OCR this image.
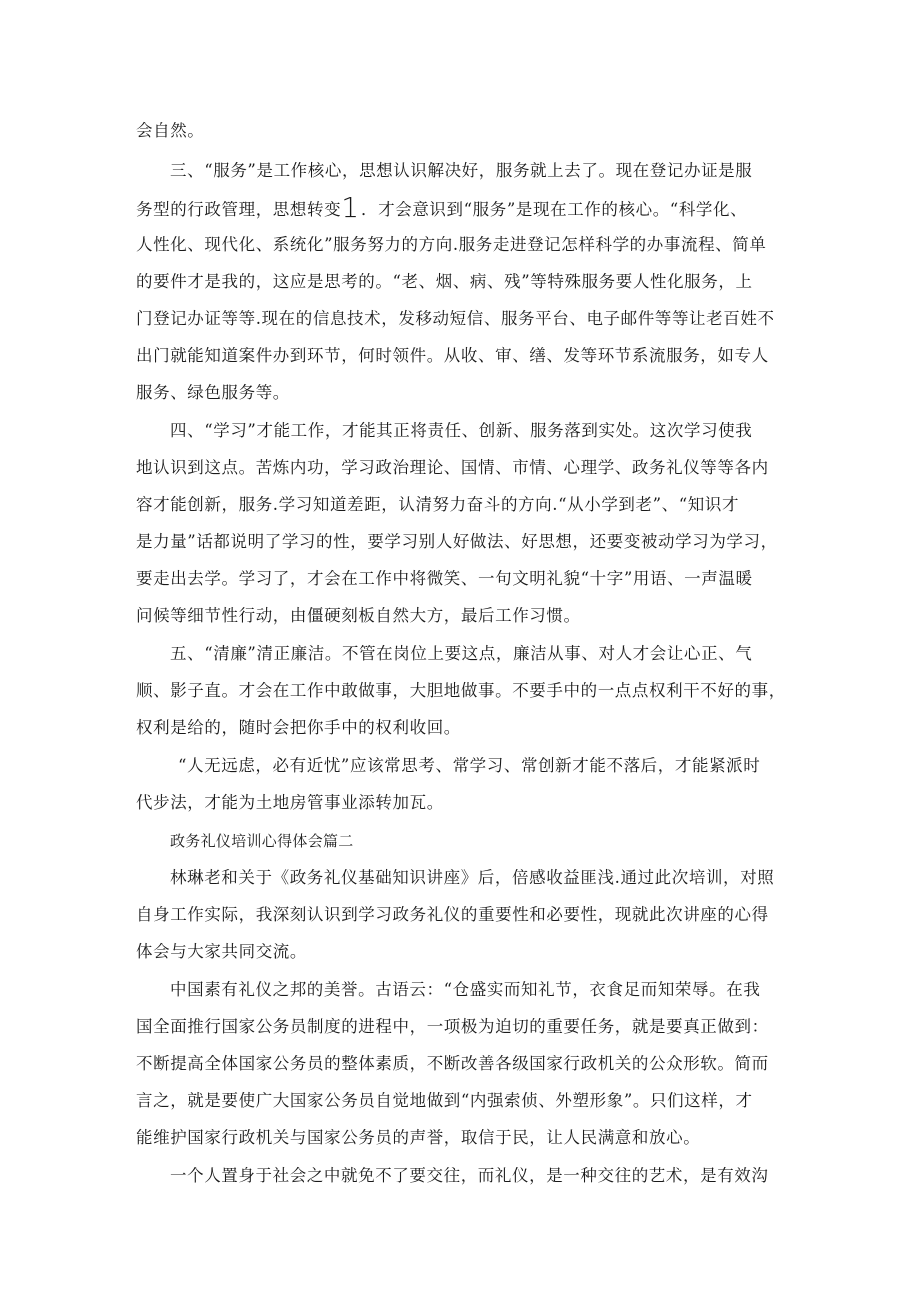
会自然。
三、“服务”是工作核心，思想认识解决好，服务就上去了。现在登记办证是服
务型的行政管理，思想转变1．才会意识到“服务”是现在工作的核心。“科学化、
人性化、现代化、系统化”服务努力的方向.服务走进登记怎样科学的办事流程、简单
的要件才是我的，这应是思考的。“老、烟、病、残”等特殊服务要人性化服务，上
门登记办证等等.现在的信息技术，发移动短信、服务平台、电子邮件等等让老百姓不
出门就能知道案件办到环节，何时领件。从收、审、缮、发等环节系流服务，如专人
服务、绿色服务等。
四、“学习”才能工作，才能其正将责任、创新、服务落到实处。这次学习使我
地认识到这点。苦炼内功，学习政治理论、国情、市情、心理学、政务礼仪等等各内
容才能创新，服务.学习知道差距，认清努力奋斗的方向.“从小学到老”、“知识才
是力量”话都说明了学习的性，要学习别人好做法、好思想，还要变被动学习为学习，
要走出去学。学习了，才会在工作中将微笑、一句文明礼貌“十字”用语、一声温暖
问候等细节性行动，由僵硬刻板自然大方，最后工作习惯。
五、“清廉”清正廉洁。不管在岗位上要这点，廉洁从事、对人才会让心正、气
顺、影子直。才会在工作中敢做事，大胆地做事。不要手中的一点点权利干不好的事，
权利是给的，随时会把你手中的权利收回。
“人无远虑，必有近忧”应该常思考、常学习、常创新才能不落后，才能紧派时
代步法，才能为土地房管事业添转加瓦。
政务礼仪培训心得体会篇二
林琳老和关于《政务礼仪基础知识讲座》后，倍感收益匪浅.通过此次培训，对照
自身工作实际，我深刻认识到学习政务礼仪的重要性和必要性，现就此次讲座的心得
体会与大家共同交流。
中国素有礼仪之邦的美誉。古语云：“仓盛实而知礼节，衣食足而知荣辱。在我
国全面推行国家公务员制度的进程中，一项极为迫切的重要任务，就是要真正做到：
不断提高全体国家公务员的整体素质，不断改善各级国家行政机关的公众形软。简而
言之，就是要使广大国家公务员自觉地做到“内强索侦、外塑形象”。只们这样，才
能维护国家行政机关与国家公务员的声誉，取信于民，让人民满意和放心。
一个人置身于社会之中就免不了要交往，而礼仪，是一种交往的艺术，是有效沟
